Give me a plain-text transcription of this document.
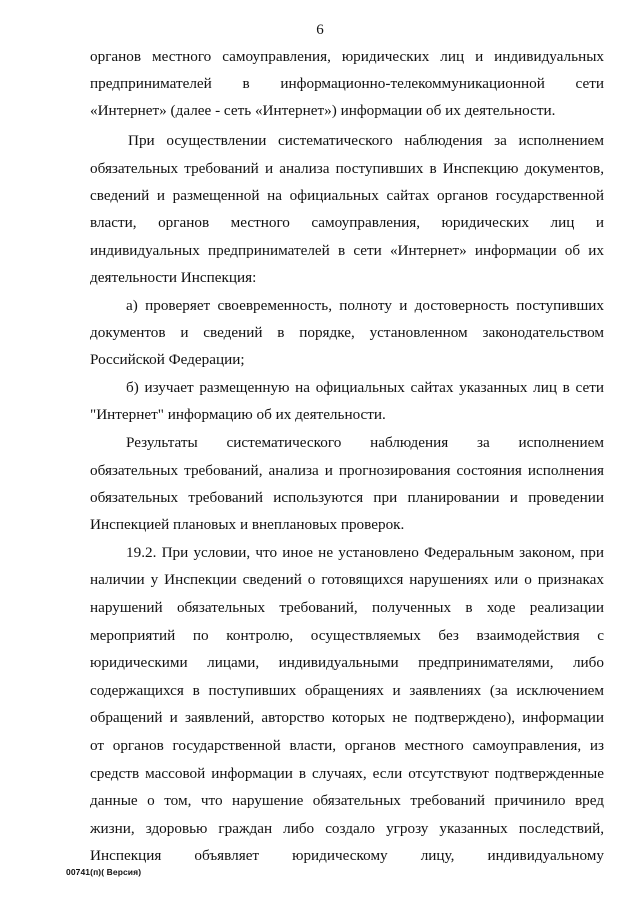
6
органов местного самоуправления, юридических лиц и индивидуальных
предпринимателей в информационно-телекоммуникационной сети
«Интернет» (далее - сеть «Интернет») информации об их деятельности.
При осуществлении систематического наблюдения за исполнением
обязательных требований и анализа поступивших в Инспекцию документов,
сведений и размещенной на официальных сайтах органов государственной
власти, органов местного самоуправления, юридических лиц и
индивидуальных предпринимателей в сети «Интернет» информации об их
деятельности Инспекция:
а) проверяет своевременность, полноту и достоверность поступивших
документов и сведений в порядке, установленном законодательством
Российской Федерации;
б) изучает размещенную на официальных сайтах указанных лиц в сети
"Интернет" информацию об их деятельности.
Результаты систематического наблюдения за исполнением
обязательных требований, анализа и прогнозирования состояния исполнения
обязательных требований используются при планировании и проведении
Инспекцией плановых и внеплановых проверок.
19.2. При условии, что иное не установлено Федеральным законом, при
наличии у Инспекции сведений о готовящихся нарушениях или о признаках
нарушений обязательных требований, полученных в ходе реализации
мероприятий по контролю, осуществляемых без взаимодействия с
юридическими лицами, индивидуальными предпринимателями, либо
содержащихся в поступивших обращениях и заявлениях (за исключением
обращений и заявлений, авторство которых не подтверждено), информации
от органов государственной власти, органов местного самоуправления, из
средств массовой информации в случаях, если отсутствуют подтвержденные
данные о том, что нарушение обязательных требований причинило вред
жизни, здоровью граждан либо создало угрозу указанных последствий,
Инспекция объявляет юридическому лицу, индивидуальному
00741(п)( Версия)
